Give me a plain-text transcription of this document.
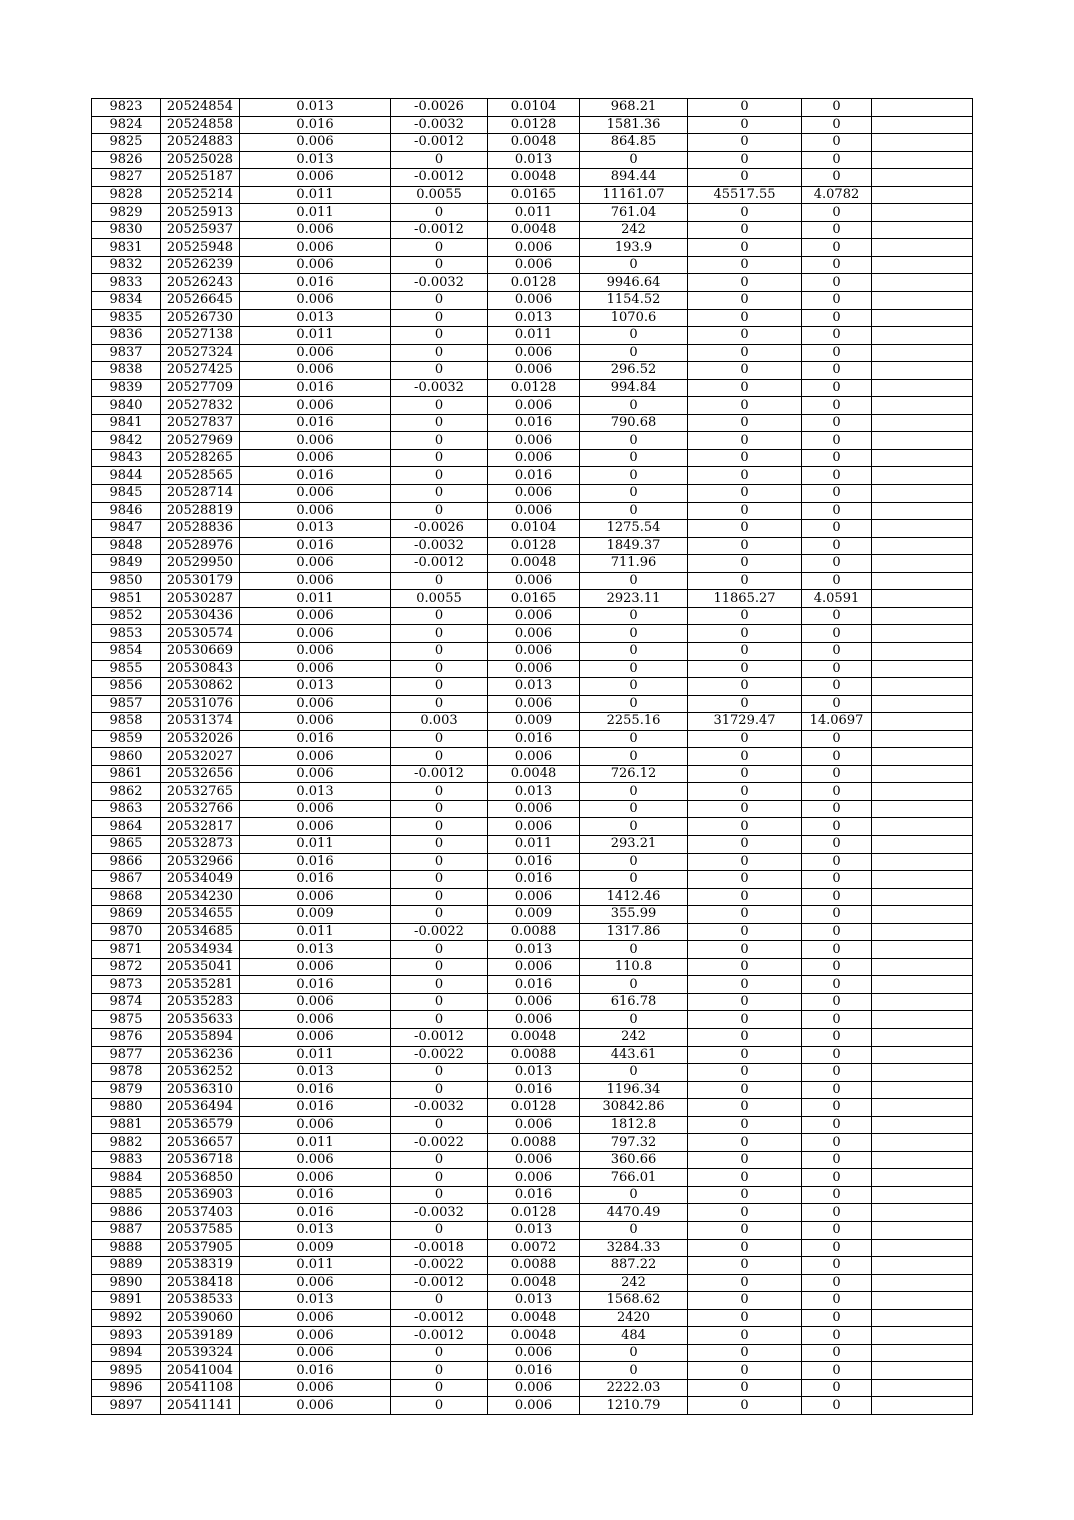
9823	20524854	0.013	-0.0026	0.0104	968.21	0	0	
9824	20524858	0.016	-0.0032	0.0128	1581.36	0	0	
9825	20524883	0.006	-0.0012	0.0048	864.85	0	0	
9826	20525028	0.013	0	0.013	0	0	0	
9827	20525187	0.006	-0.0012	0.0048	894.44	0	0	
9828	20525214	0.011	0.0055	0.0165	11161.07	45517.55	4.0782	
9829	20525913	0.011	0	0.011	761.04	0	0	
9830	20525937	0.006	-0.0012	0.0048	242	0	0	
9831	20525948	0.006	0	0.006	193.9	0	0	
9832	20526239	0.006	0	0.006	0	0	0	
9833	20526243	0.016	-0.0032	0.0128	9946.64	0	0	
9834	20526645	0.006	0	0.006	1154.52	0	0	
9835	20526730	0.013	0	0.013	1070.6	0	0	
9836	20527138	0.011	0	0.011	0	0	0	
9837	20527324	0.006	0	0.006	0	0	0	
9838	20527425	0.006	0	0.006	296.52	0	0	
9839	20527709	0.016	-0.0032	0.0128	994.84	0	0	
9840	20527832	0.006	0	0.006	0	0	0	
9841	20527837	0.016	0	0.016	790.68	0	0	
9842	20527969	0.006	0	0.006	0	0	0	
9843	20528265	0.006	0	0.006	0	0	0	
9844	20528565	0.016	0	0.016	0	0	0	
9845	20528714	0.006	0	0.006	0	0	0	
9846	20528819	0.006	0	0.006	0	0	0	
9847	20528836	0.013	-0.0026	0.0104	1275.54	0	0	
9848	20528976	0.016	-0.0032	0.0128	1849.37	0	0	
9849	20529950	0.006	-0.0012	0.0048	711.96	0	0	
9850	20530179	0.006	0	0.006	0	0	0	
9851	20530287	0.011	0.0055	0.0165	2923.11	11865.27	4.0591	
9852	20530436	0.006	0	0.006	0	0	0	
9853	20530574	0.006	0	0.006	0	0	0	
9854	20530669	0.006	0	0.006	0	0	0	
9855	20530843	0.006	0	0.006	0	0	0	
9856	20530862	0.013	0	0.013	0	0	0	
9857	20531076	0.006	0	0.006	0	0	0	
9858	20531374	0.006	0.003	0.009	2255.16	31729.47	14.0697	
9859	20532026	0.016	0	0.016	0	0	0	
9860	20532027	0.006	0	0.006	0	0	0	
9861	20532656	0.006	-0.0012	0.0048	726.12	0	0	
9862	20532765	0.013	0	0.013	0	0	0	
9863	20532766	0.006	0	0.006	0	0	0	
9864	20532817	0.006	0	0.006	0	0	0	
9865	20532873	0.011	0	0.011	293.21	0	0	
9866	20532966	0.016	0	0.016	0	0	0	
9867	20534049	0.016	0	0.016	0	0	0	
9868	20534230	0.006	0	0.006	1412.46	0	0	
9869	20534655	0.009	0	0.009	355.99	0	0	
9870	20534685	0.011	-0.0022	0.0088	1317.86	0	0	
9871	20534934	0.013	0	0.013	0	0	0	
9872	20535041	0.006	0	0.006	110.8	0	0	
9873	20535281	0.016	0	0.016	0	0	0	
9874	20535283	0.006	0	0.006	616.78	0	0	
9875	20535633	0.006	0	0.006	0	0	0	
9876	20535894	0.006	-0.0012	0.0048	242	0	0	
9877	20536236	0.011	-0.0022	0.0088	443.61	0	0	
9878	20536252	0.013	0	0.013	0	0	0	
9879	20536310	0.016	0	0.016	1196.34	0	0	
9880	20536494	0.016	-0.0032	0.0128	30842.86	0	0	
9881	20536579	0.006	0	0.006	1812.8	0	0	
9882	20536657	0.011	-0.0022	0.0088	797.32	0	0	
9883	20536718	0.006	0	0.006	360.66	0	0	
9884	20536850	0.006	0	0.006	766.01	0	0	
9885	20536903	0.016	0	0.016	0	0	0	
9886	20537403	0.016	-0.0032	0.0128	4470.49	0	0	
9887	20537585	0.013	0	0.013	0	0	0	
9888	20537905	0.009	-0.0018	0.0072	3284.33	0	0	
9889	20538319	0.011	-0.0022	0.0088	887.22	0	0	
9890	20538418	0.006	-0.0012	0.0048	242	0	0	
9891	20538533	0.013	0	0.013	1568.62	0	0	
9892	20539060	0.006	-0.0012	0.0048	2420	0	0	
9893	20539189	0.006	-0.0012	0.0048	484	0	0	
9894	20539324	0.006	0	0.006	0	0	0	
9895	20541004	0.016	0	0.016	0	0	0	
9896	20541108	0.006	0	0.006	2222.03	0	0	
9897	20541141	0.006	0	0.006	1210.79	0	0	
